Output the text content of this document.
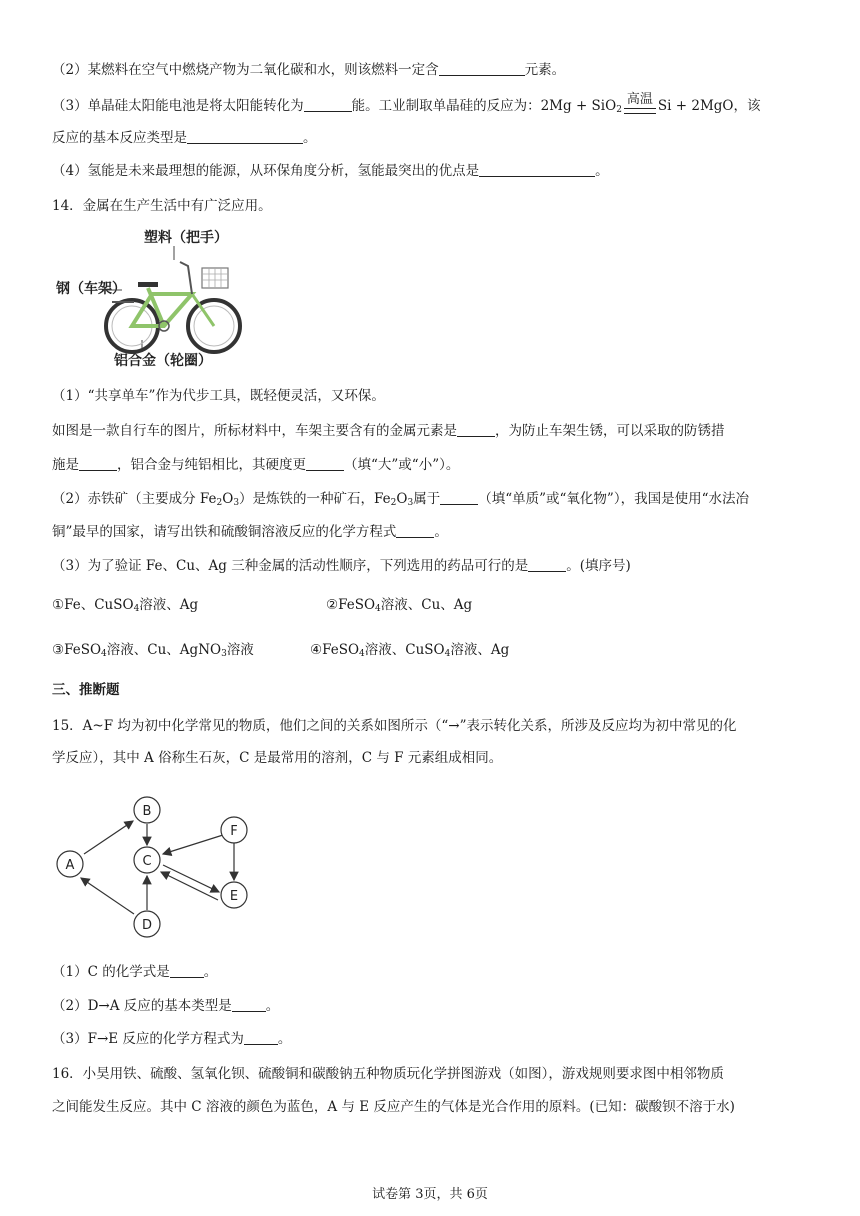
（2）某燃料在空气中燃烧产物为二氧化碳和水，则该燃料一定含	元素。
（3）单晶硅太阳能电池是将太阳能转化为	能。工业制取单晶硅的反应为：2Mg + SiO$_2$
高温 Si + 2MgO，该
反应的基本反应类型是	。
（4）氢能是未来最理想的能源，从环保角度分析，氢能最突出的优点是	。
14．金属在生产生活中有广泛应用。
塑料（把手）
钢（车架）
铝合金（轮圈）
（1）“共享单车”作为代步工具，既轻便灵活，又环保。
如图是一款自行车的图片，所标材料中，车架主要含有的金属元素是	，为防止车架生锈，可以采取的防锈措
施是	，铝合金与纯铝相比，其硬度更	（填“大”或“小”）。
（2）赤铁矿（主要成分 $Fe_2O_3$）是炼铁的一种矿石，$Fe_2O_3$属于	（填“单质”或“氧化物”），我国是使用“水法冶
铜”最早的国家，请写出铁和硫酸铜溶液反应的化学方程式	。
（3）为了验证 Fe、Cu、Ag 三种金属的活动性顺序，下列选用的药品可行的是	。(填序号)
①Fe、CuSO$_4$溶液、Ag	②FeSO$_4$溶液、Cu、Ag
③FeSO$_4$溶液、Cu、AgNO$_3$溶液	④FeSO$_4$溶液、CuSO$_4$溶液、Ag
三、推断题
15．A~F 均为初中化学常见的物质，他们之间的关系如图所示（“→”表示转化关系，所涉及反应均为初中常见的化
学反应），其中 A 俗称生石灰，C 是最常用的溶剂，C 与 F 元素组成相同。
A
B
C
D
E
F
（1）C 的化学式是	。
（2）D→A 反应的基本类型是	。
（3）F→E 反应的化学方程式为	。
16．小昊用铁、硫酸、氢氧化钡、硫酸铜和碳酸钠五种物质玩化学拼图游戏（如图），游戏规则要求图中相邻物质
之间能发生反应。其中 C 溶液的颜色为蓝色，A 与 E 反应产生的气体是光合作用的原料。(已知：碳酸钡不溶于水)
试卷第 3页，共 6页
